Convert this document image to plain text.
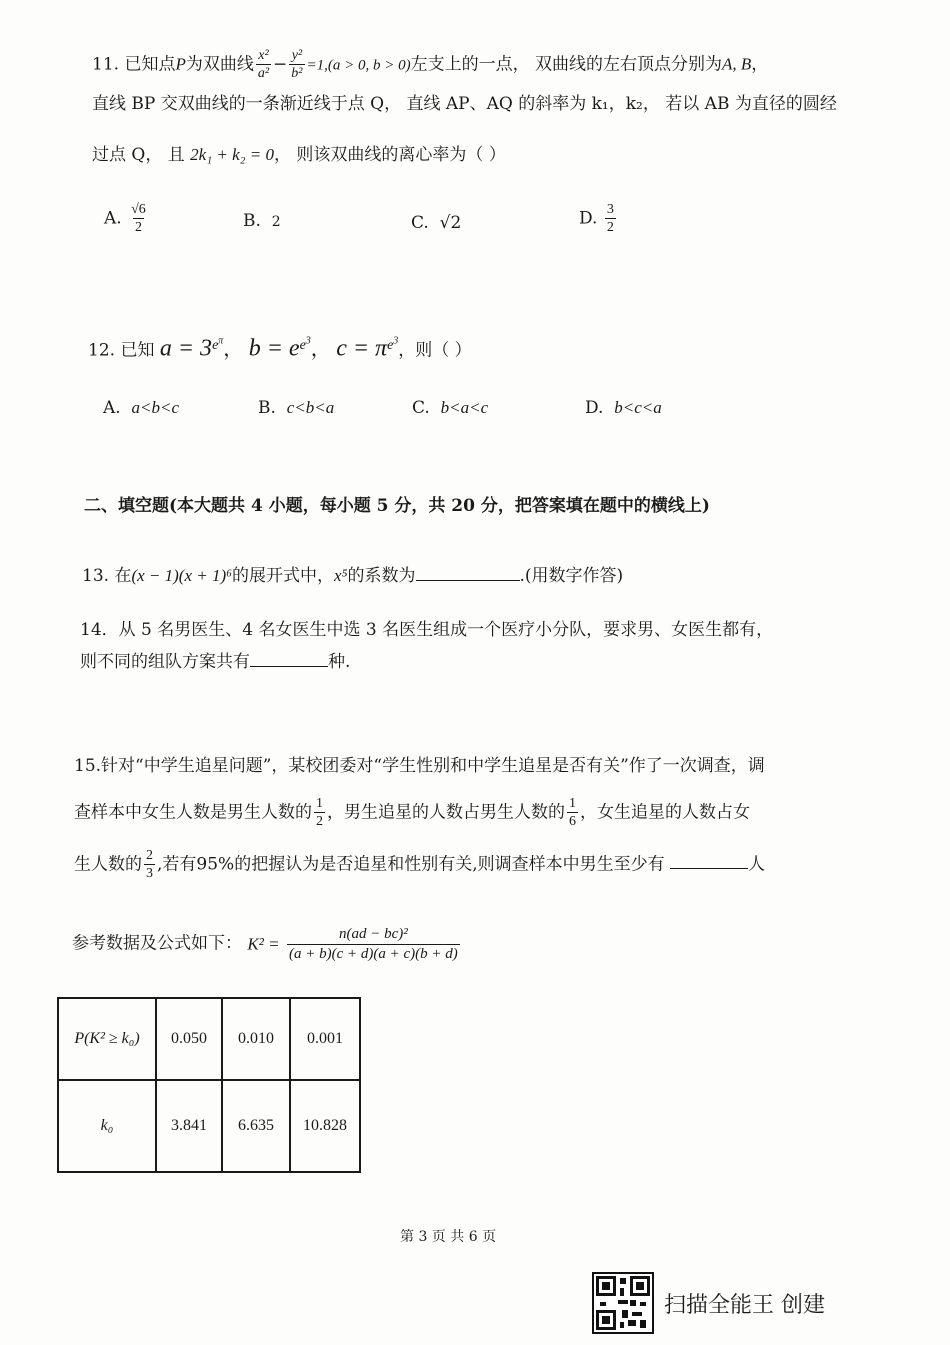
11. 已知点P为双曲线 $\frac{\text{x²}}{\text{a²}} - \frac{\text{y²}}{\text{b²}} =1,(a > 0$, b > 0)左支上的一点， 双曲线的左右顶点分别为A, B，
直线 BP 交双曲线的一条渐近线于点 Q， 直线 AP、AQ 的斜率为 k₁，k₂， 若以 AB 为直径的圆经
过点 Q， 且 2k₁ + k₂ = 0， 则该双曲线的离心率为（ ）
A. $\frac{√6}{2}$	B. 2	C. √2	D. $\frac{3}{2}$
12. 已知 $a = 3^{e^\pi}$， $b = e^{e^3}$， $c = \pi^{e^3}$，则（ ）
A. a<b<c	B. c<b<a	C. b<a<c	D. b<c<a
二、填空题(本大题共 4 小题，每小题 5 分，共 20 分，把答案填在题中的横线上)
13. 在(x − 1)(x + 1)⁶的展开式中，x⁵的系数为	.(用数字作答)
14．从 5 名男医生、4 名女医生中选 3 名医生组成一个医疗小分队，要求男、女医生都有，
则不同的组队方案共有	种.
15.针对“中学生追星问题”，某校团委对“学生性别和中学生追星是否有关”作了一次调查，调
查样本中女生人数是男生人数的 $\frac{1}{2}$ ，男生追星的人数占男生人数的 $\frac{1}{6}$ ，女生追星的人数占女
生人数的 $\frac{2}{3}$ ,若有95%的把握认为是否追星和性别有关,则调查样本中男生至少有	人
参考数据及公式如下： $K^2 = \frac{\text{n(ad − bc)²}}{(a + b)(c + d)(a + c)(b + d)}$
P(K² ≥ k₀)	0.050	0.010	0.001
k₀	3.841	6.635	10.828
第 3 页 共 6 页
扫描全能王 创建
